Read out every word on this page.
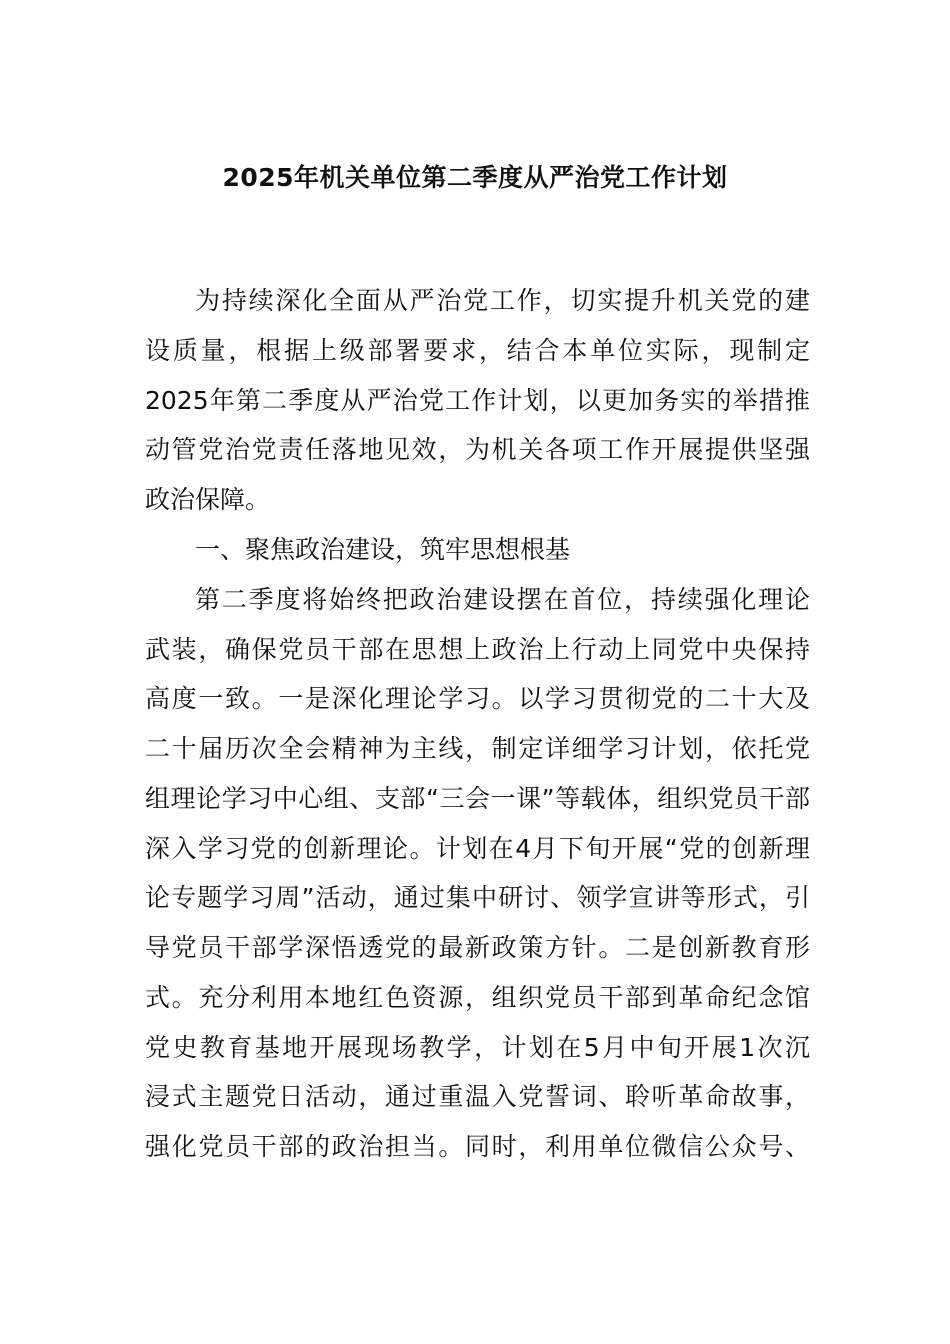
2025年机关单位第二季度从严治党工作计划
为持续深化全面从严治党工作，切实提升机关党的建
设质量，根据上级部署要求，结合本单位实际，现制定
2025年第二季度从严治党工作计划，以更加务实的举措推
动管党治党责任落地见效，为机关各项工作开展提供坚强
政治保障。
一、聚焦政治建设，筑牢思想根基
第二季度将始终把政治建设摆在首位，持续强化理论
武装，确保党员干部在思想上政治上行动上同党中央保持
高度一致。一是深化理论学习。以学习贯彻党的二十大及
二十届历次全会精神为主线，制定详细学习计划，依托党
组理论学习中心组、支部“三会一课”等载体，组织党员干部
深入学习党的创新理论。计划在4月下旬开展“党的创新理
论专题学习周”活动，通过集中研讨、领学宣讲等形式，引
导党员干部学深悟透党的最新政策方针。二是创新教育形
式。充分利用本地红色资源，组织党员干部到革命纪念馆
党史教育基地开展现场教学，计划在5月中旬开展1次沉
浸式主题党日活动，通过重温入党誓词、聆听革命故事，
强化党员干部的政治担当。同时，利用单位微信公众号、
